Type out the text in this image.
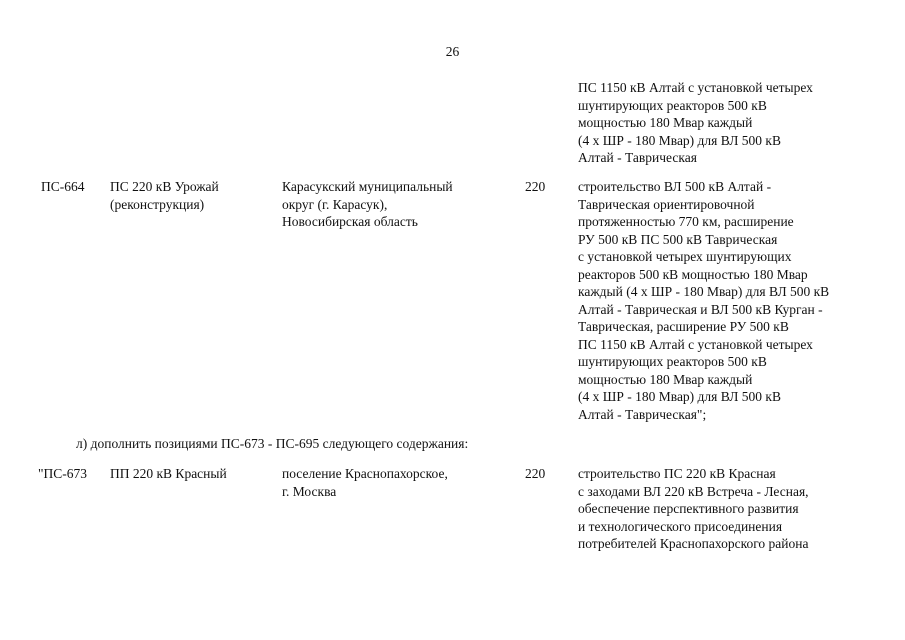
26
ПС 1150 кВ Алтай с установкой четырех
шунтирующих реакторов 500 кВ
мощностью 180 Мвар каждый
(4 х ШР - 180 Мвар) для ВЛ 500 кВ
Алтай - Таврическая
ПС-664 ПС 220 кВ Урожай
(реконструкция)
Карасукский муниципальный
округ (г. Карасук),
Новосибирская область
220 строительство ВЛ 500 кВ Алтай -
Таврическая ориентировочной
протяженностью 770 км, расширение
РУ 500 кВ ПС 500 кВ Таврическая
с установкой четырех шунтирующих
реакторов 500 кВ мощностью 180 Мвар
каждый (4 х ШР - 180 Мвар) для ВЛ 500 кВ
Алтай - Таврическая и ВЛ 500 кВ Курган -
Таврическая, расширение РУ 500 кВ
ПС 1150 кВ Алтай с установкой четырех
шунтирующих реакторов 500 кВ
мощностью 180 Мвар каждый
(4 х ШР - 180 Мвар) для ВЛ 500 кВ
Алтай - Таврическая";
л) дополнить позициями ПС-673 - ПС-695 следующего содержания:
"ПС-673 ПП 220 кВ Красный	поселение Краснопахорское,
г. Москва
220 строительство ПС 220 кВ Красная
с заходами ВЛ 220 кВ Встреча - Лесная,
обеспечение перспективного развития
и технологического присоединения
потребителей Краснопахорского района
